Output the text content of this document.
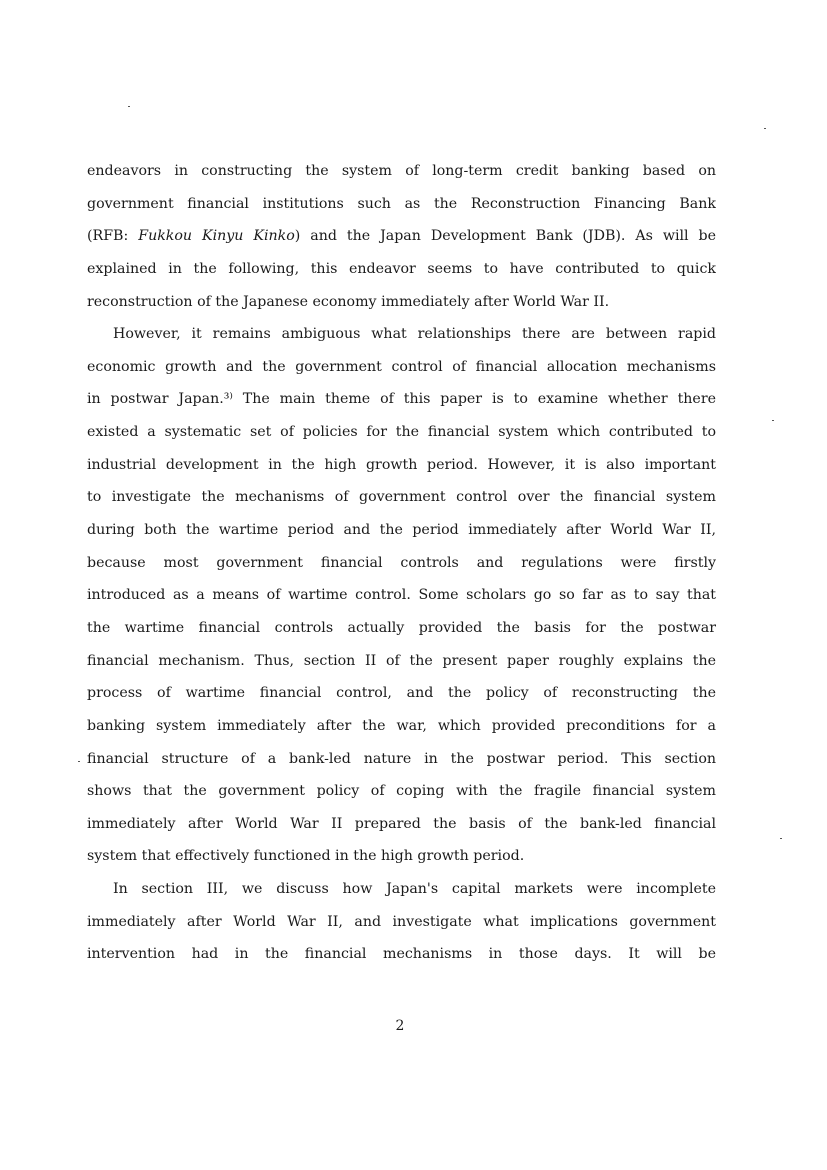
endeavors in constructing the system of long-term credit banking based on
government financial institutions such as the Reconstruction Financing Bank
(RFB: Fukkou Kinyu Kinko) and the Japan Development Bank (JDB). As will be
explained in the following, this endeavor seems to have contributed to quick
reconstruction of the Japanese economy immediately after World War II.
However, it remains ambiguous what relationships there are between rapid
economic growth and the government control of financial allocation mechanisms
in postwar Japan.³⁾ The main theme of this paper is to examine whether there
existed a systematic set of policies for the financial system which contributed to
industrial development in the high growth period. However, it is also important
to investigate the mechanisms of government control over the financial system
during both the wartime period and the period immediately after World War II,
because most government financial controls and regulations were firstly
introduced as a means of wartime control. Some scholars go so far as to say that
the wartime financial controls actually provided the basis for the postwar
financial mechanism. Thus, section II of the present paper roughly explains the
process of wartime financial control, and the policy of reconstructing the
banking system immediately after the war, which provided preconditions for a
financial structure of a bank-led nature in the postwar period. This section
shows that the government policy of coping with the fragile financial system
immediately after World War II prepared the basis of the bank-led financial
system that effectively functioned in the high growth period.
In section III, we discuss how Japan's capital markets were incomplete
immediately after World War II, and investigate what implications government
intervention had in the financial mechanisms in those days. It will be
2
